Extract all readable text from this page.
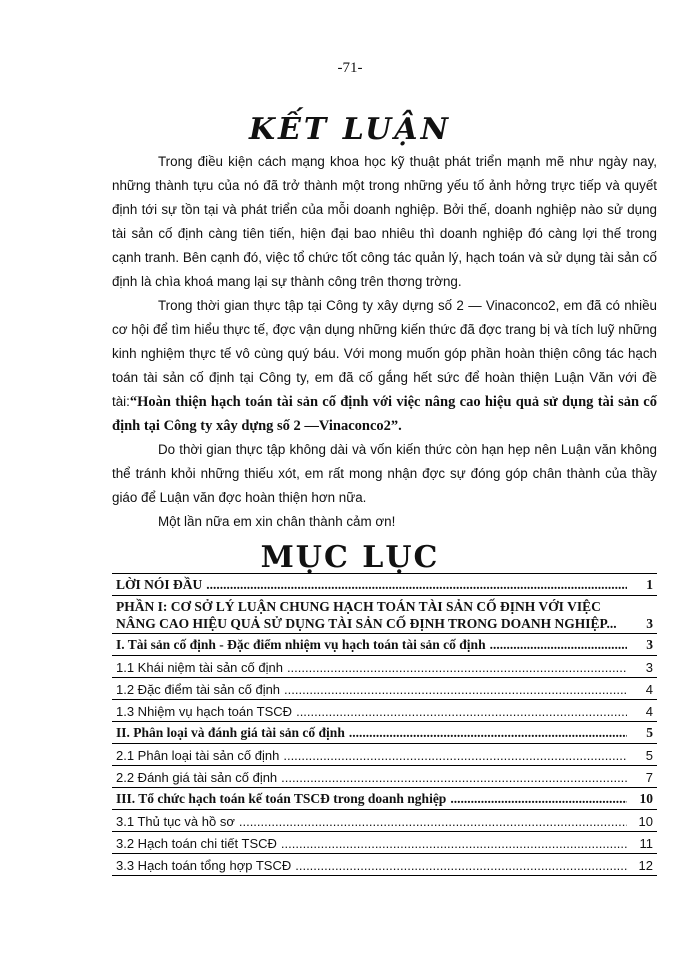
-71-
KẾT LUẬN

Trong điều kiện cách mạng khoa học kỹ thuật phát triển mạnh mẽ như ngày nay, những thành tựu của nó đã trở thành một trong những yếu tố ảnh hởng trực tiếp và quyết định tới sự tồn tại và phát triển của mỗi doanh nghiệp. Bởi thế, doanh nghiệp nào sử dụng tài sản cố định càng tiên tiến, hiện đại bao nhiêu thì doanh nghiệp đó càng lợi thế trong cạnh tranh. Bên cạnh đó, việc tổ chức tốt công tác quản lý, hạch toán và sử dụng tài sản cố định là chìa khoá mang lại sự thành công trên thơng trờng.

Trong thời gian thực tập tại Công ty xây dựng số 2 — Vinaconco2, em đã có nhiều cơ hội để tìm hiểu thực tế, đợc vận dụng những kiến thức đã đợc trang bị và tích luỹ những kinh nghiệm thực tế vô cùng quý báu. Với mong muốn góp phần hoàn thiện công tác hạch toán tài sản cố định tại Công ty, em đã cố gắng hết sức để hoàn thiện Luận Văn với đề tài:“Hoàn thiện hạch toán tài sản cố định với việc nâng cao hiệu quả sử dụng tài sản cố định tại Công ty xây dựng số 2 —Vinaconco2”.

Do thời gian thực tập không dài và vốn kiến thức còn hạn hẹp nên Luận văn không thể tránh khỏi những thiếu xót, em rất mong nhận đợc sự đóng góp chân thành của thầy giáo để Luận văn đợc hoàn thiện hơn nữa.

Một lần nữa em xin chân thành cảm ơn!

MỤC LỤC
LỜI NÓI ĐẦU .....	1
PHẦN I: CƠ SỞ LÝ LUẬN CHUNG HẠCH TOÁN TÀI SẢN CỐ ĐỊNH VỚI VIỆC
NÂNG CAO HIỆU QUẢ SỬ DỤNG TÀI SẢN CỐ ĐỊNH TRONG DOANH NGHIỆP...	3
I. Tài sản cố định - Đặc điểm nhiệm vụ hạch toán tài sản cố định .....	3
1.1 Khái niệm tài sản cố định .....	3
1.2 Đặc điểm tài sản cố định .....	4
1.3 Nhiệm vụ hạch toán TSCĐ .....	4
II. Phân loại và đánh giá tài sản cố định .....	5
2.1 Phân loại tài sản cố định .....	5
2.2 Đánh giá tài sản cố định .....	7
III. Tổ chức hạch toán kế toán TSCĐ trong doanh nghiệp .....	10
3.1 Thủ tục và hồ sơ .....	10
3.2 Hạch toán chi tiết TSCĐ .....	11
3.3 Hạch toán tổng hợp TSCĐ .....	12
